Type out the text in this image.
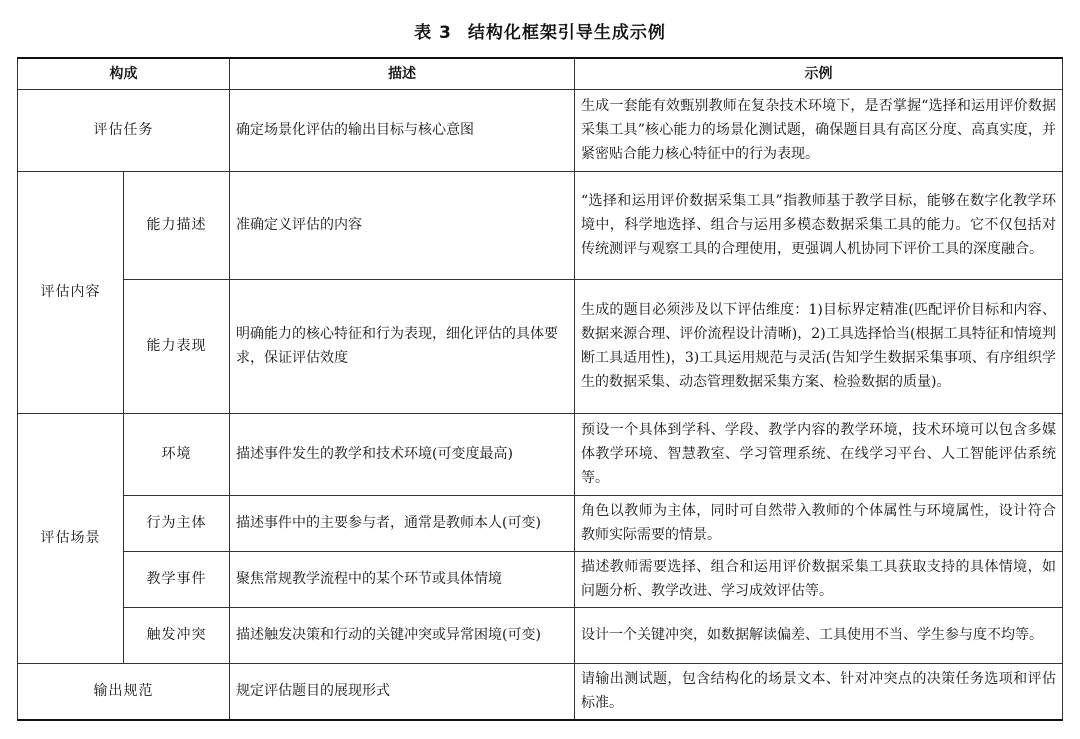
表 3 结构化框架引导生成示例
构成		描述	示例
评估任务		确定场景化评估的输出目标与核心意图	生成一套能有效甄别教师在复杂技术环境下，是否掌握“选择和运用评价数据采集工具”核心能力的场景化测试题，确保题目具有高区分度、高真实度，并紧密贴合能力核心特征中的行为表现。
评估内容	能力描述	准确定义评估的内容	“选择和运用评价数据采集工具”指教师基于教学目标，能够在数字化教学环境中，科学地选择、组合与运用多模态数据采集工具的能力。它不仅包括对传统测评与观察工具的合理使用，更强调人机协同下评价工具的深度融合。
	能力表现	明确能力的核心特征和行为表现，细化评估的具体要求，保证评估效度	生成的题目必须涉及以下评估维度：1)目标界定精准(匹配评价目标和内容、数据来源合理、评价流程设计清晰)，2)工具选择恰当(根据工具特征和情境判断工具适用性)，3)工具运用规范与灵活(告知学生数据采集事项、有序组织学生的数据采集、动态管理数据采集方案、检验数据的质量)。
评估场景	环境	描述事件发生的教学和技术环境(可变度最高)	预设一个具体到学科、学段、教学内容的教学环境，技术环境可以包含多媒体教学环境、智慧教室、学习管理系统、在线学习平台、人工智能评估系统等。
	行为主体	描述事件中的主要参与者，通常是教师本人(可变)	角色以教师为主体，同时可自然带入教师的个体属性与环境属性，设计符合教师实际需要的情景。
	教学事件	聚焦常规教学流程中的某个环节或具体情境	描述教师需要选择、组合和运用评价数据采集工具获取支持的具体情境，如问题分析、教学改进、学习成效评估等。
	触发冲突	描述触发决策和行动的关键冲突或异常困境(可变)	设计一个关键冲突，如数据解读偏差、工具使用不当、学生参与度不均等。
输出规范		规定评估题目的展现形式	请输出测试题，包含结构化的场景文本、针对冲突点的决策任务选项和评估标准。
